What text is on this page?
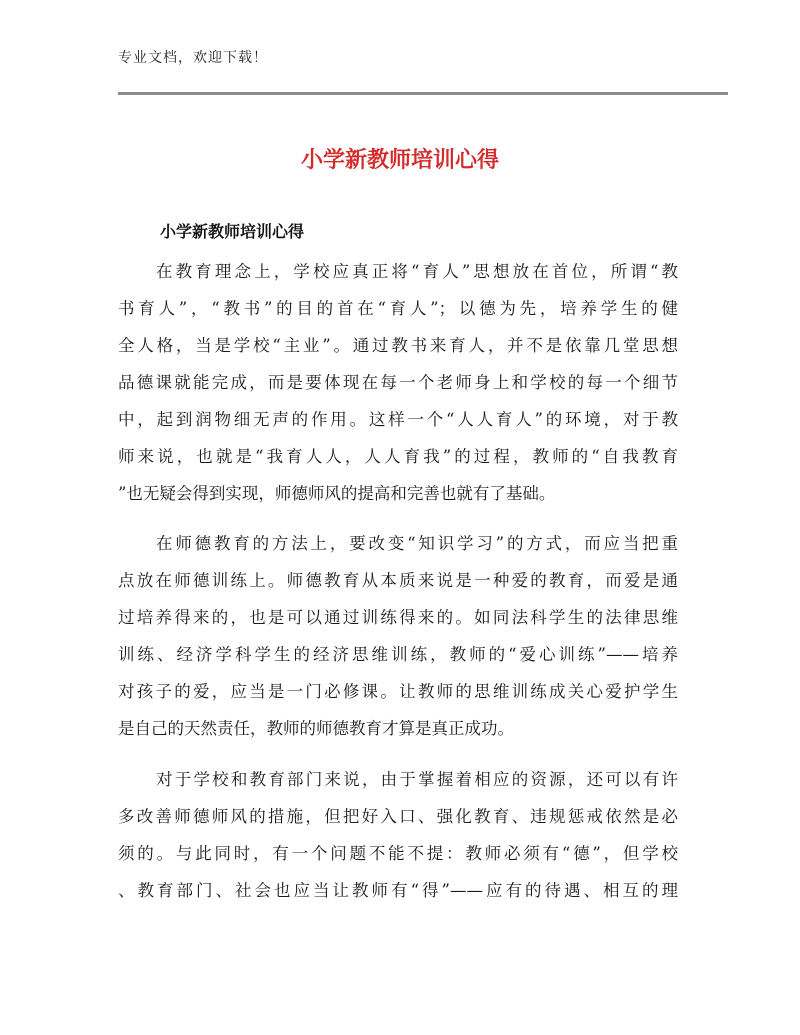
专业文档，欢迎下载！
小学新教师培训心得
小学新教师培训心得
在教育理念上，学校应真正将“育人”思想放在首位，所谓“教
书育人”，“教书”的目的首在“育人”；以德为先，培养学生的健
全人格，当是学校“主业”。通过教书来育人，并不是依靠几堂思想
品德课就能完成，而是要体现在每一个老师身上和学校的每一个细节
中，起到润物细无声的作用。这样一个“人人育人”的环境，对于教
师来说，也就是“我育人人，人人育我”的过程，教师的“自我教育
”也无疑会得到实现，师德师风的提高和完善也就有了基础。
在师德教育的方法上，要改变“知识学习”的方式，而应当把重
点放在师德训练上。师德教育从本质来说是一种爱的教育，而爱是通
过培养得来的，也是可以通过训练得来的。如同法科学生的法律思维
训练、经济学科学生的经济思维训练，教师的“爱心训练”——培养
对孩子的爱，应当是一门必修课。让教师的思维训练成关心爱护学生
是自己的天然责任，教师的师德教育才算是真正成功。
对于学校和教育部门来说，由于掌握着相应的资源，还可以有许
多改善师德师风的措施，但把好入口、强化教育、违规惩戒依然是必
须的。与此同时，有一个问题不能不提：教师必须有“德”，但学校
、教育部门、社会也应当让教师有“得”——应有的待遇、相互的理
